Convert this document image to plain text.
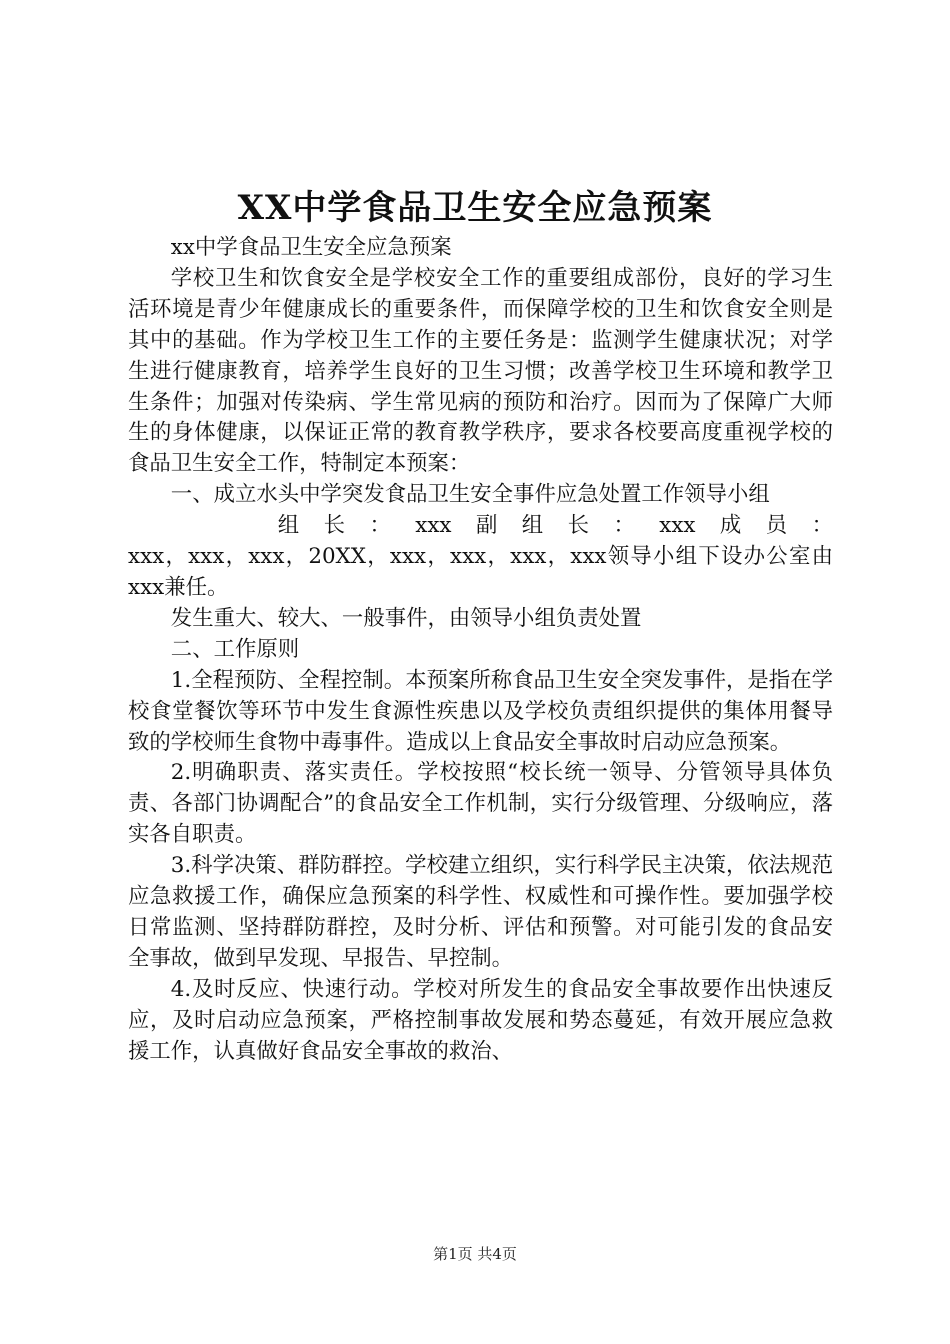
XX中学食品卫生安全应急预案

xx中学食品卫生安全应急预案

学校卫生和饮食安全是学校安全工作的重要组成部份，良好的学习生活环境是青少年健康成长的重要条件，而保障学校的卫生和饮食安全则是其中的基础。作为学校卫生工作的主要任务是：监测学生健康状况；对学生进行健康教育，培养学生良好的卫生习惯；改善学校卫生环境和教学卫生条件；加强对传染病、学生常见病的预防和治疗。因而为了保障广大师生的身体健康，以保证正常的教育教学秩序，要求各校要高度重视学校的食品卫生安全工作，特制定本预案：

一、成立水头中学突发食品卫生安全事件应急处置工作领导小组

组长：xxx副组长：xxx成员：

xxx，xxx，xxx，20XX，xxx，xxx，xxx，xxx领导小组下设办公室由xxx兼任。

发生重大、较大、一般事件，由领导小组负责处置

二、工作原则

1.全程预防、全程控制。本预案所称食品卫生安全突发事件，是指在学校食堂餐饮等环节中发生食源性疾患以及学校负责组织提供的集体用餐导致的学校师生食物中毒事件。造成以上食品安全事故时启动应急预案。

2.明确职责、落实责任。学校按照“校长统一领导、分管领导具体负责、各部门协调配合”的食品安全工作机制，实行分级管理、分级响应，落实各自职责。

3.科学决策、群防群控。学校建立组织，实行科学民主决策，依法规范应急救援工作，确保应急预案的科学性、权威性和可操作性。要加强学校日常监测、坚持群防群控，及时分析、评估和预警。对可能引发的食品安全事故，做到早发现、早报告、早控制。

4.及时反应、快速行动。学校对所发生的食品安全事故要作出快速反应，及时启动应急预案，严格控制事故发展和势态蔓延，有效开展应急救援工作，认真做好食品安全事故的救治、

第1页 共4页
